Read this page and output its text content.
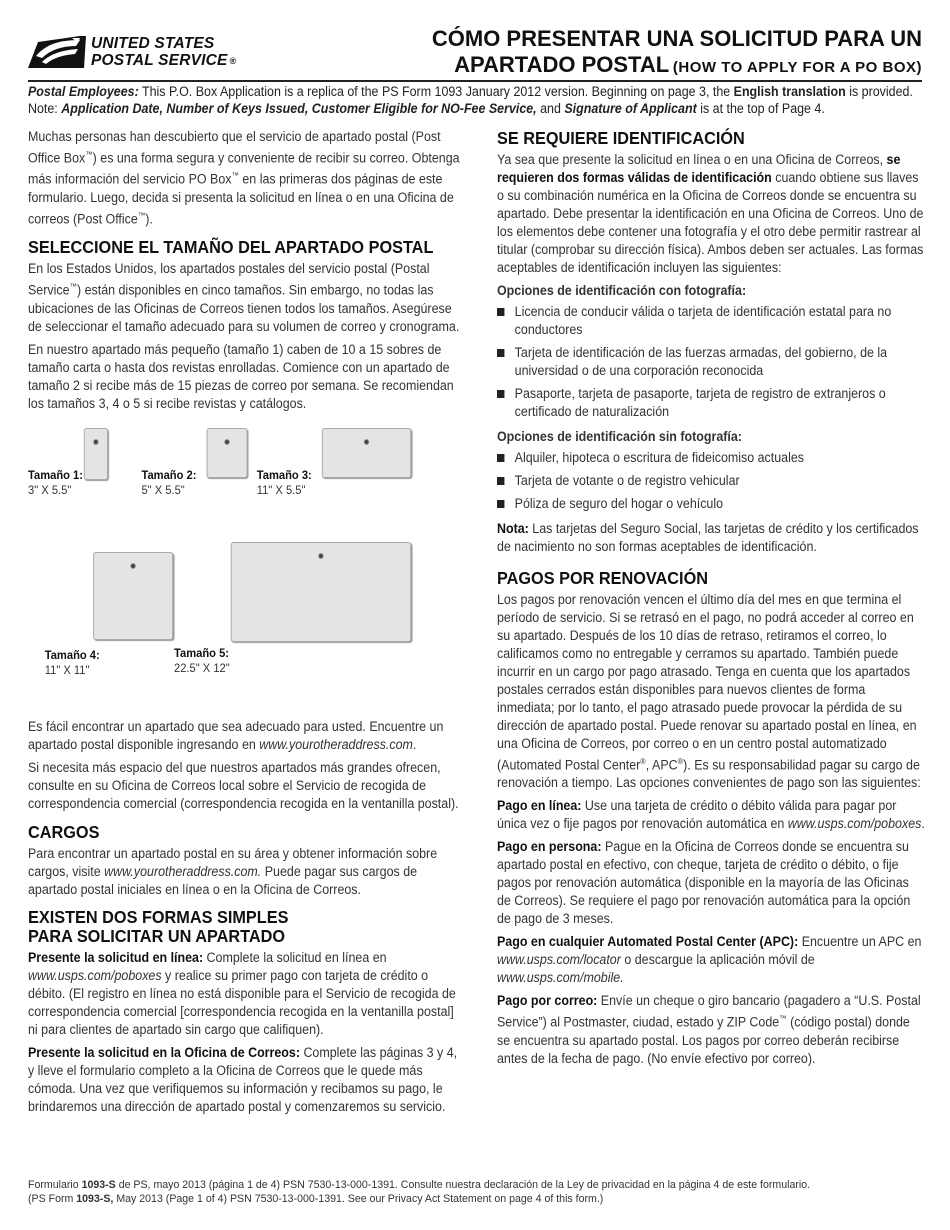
UNITED STATES
POSTAL SERVICE ®
CÓMO PRESENTAR UNA SOLICITUD PARA UN
APARTADO POSTAL (HOW TO APPLY FOR A PO BOX)
Postal Employees: This P.O. Box Application is a replica of the PS Form 1093 January 2012 version. Beginning on page 3, the English translation is provided. Note: Application Date, Number of Keys Issued, Customer Eligible for NO-Fee Service, and Signature of Applicant is at the top of Page 4.

Muchas personas han descubierto que el servicio de apartado postal (Post Office Box™) es una forma segura y conveniente de recibir su correo. Obtenga más información del servicio PO Box™ en las primeras dos páginas de este formulario. Luego, decida si presenta la solicitud en línea o en una Oficina de correos (Post Office™).

SELECCIONE EL TAMAÑO DEL APARTADO POSTAL

En los Estados Unidos, los apartados postales del servicio postal (Postal Service™) están disponibles en cinco tamaños. Sin embargo, no todas las ubicaciones de las Oficinas de Correos tienen todos los tamaños. Asegúrese de seleccionar el tamaño adecuado para su volumen de correo y cronograma.

En nuestro apartado más pequeño (tamaño 1) caben de 10 a 15 sobres de tamaño carta o hasta dos revistas enrolladas. Comience con un apartado de tamaño 2 si recibe más de 15 piezas de correo por semana. Se recomiendan los tamaños 3, 4 o 5 si recibe revistas y catálogos.

Tamaño 1:
3" X 5.5"
Tamaño 2:
5" X 5.5"
Tamaño 3:
11" X 5.5"
Tamaño 4:
11" X 11"
Tamaño 5:
22.5" X 12"

Es fácil encontrar un apartado que sea adecuado para usted. Encuentre un apartado postal disponible ingresando en www.yourotheraddress.com.

Si necesita más espacio del que nuestros apartados más grandes ofrecen, consulte en su Oficina de Correos local sobre el Servicio de recogida de correspondencia comercial (correspondencia recogida en la ventanilla postal).

CARGOS

Para encontrar un apartado postal en su área y obtener información sobre cargos, visite www.yourotheraddress.com. Puede pagar sus cargos de apartado postal iniciales en línea o en la Oficina de Correos.

EXISTEN DOS FORMAS SIMPLES
PARA SOLICITAR UN APARTADO

Presente la solicitud en línea: Complete la solicitud en línea en www.usps.com/poboxes y realice su primer pago con tarjeta de crédito o débito. (El registro en línea no está disponible para el Servicio de recogida de correspondencia comercial [correspondencia recogida en la ventanilla postal] ni para clientes de apartado sin cargo que califiquen).

Presente la solicitud en la Oficina de Correos: Complete las páginas 3 y 4, y lleve el formulario completo a la Oficina de Correos que le quede más cómoda. Una vez que verifiquemos su información y recibamos su pago, le brindaremos una dirección de apartado postal y comenzaremos su servicio.

SE REQUIERE IDENTIFICACIÓN

Ya sea que presente la solicitud en línea o en una Oficina de Correos, se requieren dos formas válidas de identificación cuando obtiene sus llaves o su combinación numérica en la Oficina de Correos donde se encuentra su apartado. Debe presentar la identificación en una Oficina de Correos. Uno de los elementos debe contener una fotografía y el otro debe permitir rastrear al titular (comprobar su dirección física). Ambos deben ser actuales. Las formas aceptables de identificación incluyen las siguientes:

Opciones de identificación con fotografía:

Licencia de conducir válida o tarjeta de identificación estatal para no conductores
Tarjeta de identificación de las fuerzas armadas, del gobierno, de la universidad o de una corporación reconocida
Pasaporte, tarjeta de pasaporte, tarjeta de registro de extranjeros o certificado de naturalización

Opciones de identificación sin fotografía:

Alquiler, hipoteca o escritura de fideicomiso actuales
Tarjeta de votante o de registro vehicular
Póliza de seguro del hogar o vehículo

Nota: Las tarjetas del Seguro Social, las tarjetas de crédito y los certificados de nacimiento no son formas aceptables de identificación.

PAGOS POR RENOVACIÓN

Los pagos por renovación vencen el último día del mes en que termina el período de servicio. Si se retrasó en el pago, no podrá acceder al correo en su apartado. Después de los 10 días de retraso, retiramos el correo, lo calificamos como no entregable y cerramos su apartado. También puede incurrir en un cargo por pago atrasado. Tenga en cuenta que los apartados postales cerrados están disponibles para nuevos clientes de forma inmediata; por lo tanto, el pago atrasado puede provocar la pérdida de su dirección de apartado postal. Puede renovar su apartado postal en línea, en una Oficina de Correos, por correo o en un centro postal automatizado (Automated Postal Center®, APC®). Es su responsabilidad pagar su cargo de renovación a tiempo. Las opciones convenientes de pago son las siguientes:

Pago en línea: Use una tarjeta de crédito o débito válida para pagar por única vez o fije pagos por renovación automática en www.usps.com/poboxes.

Pago en persona: Pague en la Oficina de Correos donde se encuentra su apartado postal en efectivo, con cheque, tarjeta de crédito o débito, o fije pagos por renovación automática (disponible en la mayoría de las Oficinas de Correos). Se requiere el pago por renovación automática para la opción de pago de 3 meses.

Pago en cualquier Automated Postal Center (APC): Encuentre un APC en www.usps.com/locator o descargue la aplicación móvil de www.usps.com/mobile.

Pago por correo: Envíe un cheque o giro bancario (pagadero a “U.S. Postal Service”) al Postmaster, ciudad, estado y ZIP Code™ (código postal) donde se encuentra su apartado postal. Los pagos por correo deberán recibirse antes de la fecha de pago. (No envíe efectivo por correo).

Formulario 1093-S de PS, mayo 2013 (página 1 de 4) PSN 7530-13-000-1391. Consulte nuestra declaración de la Ley de privacidad en la página 4 de este formulario.
(PS Form 1093-S, May 2013 (Page 1 of 4) PSN 7530-13-000-1391. See our Privacy Act Statement on page 4 of this form.)
